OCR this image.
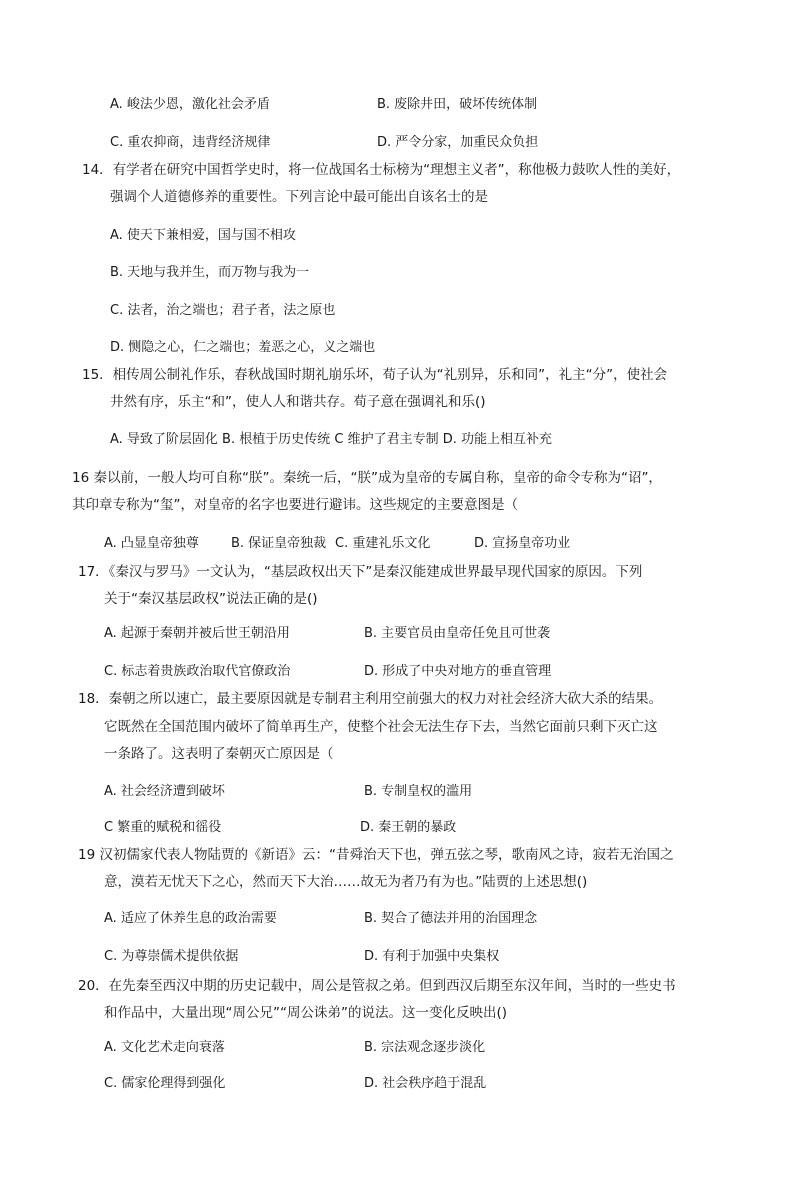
A. 峻法少恩，激化社会矛盾	B. 废除井田，破坏传统体制
C. 重农抑商，违背经济规律	D. 严令分家，加重民众负担
14．有学者在研究中国哲学史时，将一位战国名士标榜为“理想主义者”，称他极力鼓吹人性的美好，
强调个人道德修养的重要性。下列言论中最可能出自该名士的是
A. 使天下兼相爱，国与国不相攻
B. 天地与我并生，而万物与我为一
C. 法者，治之端也；君子者，法之原也
D. 恻隐之心，仁之端也；羞恶之心，义之端也
15．相传周公制礼作乐，春秋战国时期礼崩乐坏，荀子认为“礼别异，乐和同”，礼主“分”，使社会
井然有序，乐主“和”，使人人和谐共存。荀子意在强调礼和乐()
A. 导致了阶层固化 B. 根植于历史传统 C 维护了君主专制 D. 功能上相互补充
16 秦以前，一般人均可自称“朕”。秦统一后，“朕”成为皇帝的专属自称，皇帝的命令专称为“诏”，
其印章专称为“玺”，对皇帝的名字也要进行避讳。这些规定的主要意图是（
A. 凸显皇帝独尊 B. 保证皇帝独裁 C. 重建礼乐文化	D. 宣扬皇帝功业
17．《秦汉与罗马》一文认为，“基层政权出天下”是秦汉能建成世界最早现代国家的原因。下列
关于“秦汉基层政权”说法正确的是()
A. 起源于秦朝并被后世王朝沿用	B. 主要官员由皇帝任免且可世袭
C. 标志着贵族政治取代官僚政治	D. 形成了中央对地方的垂直管理
18．秦朝之所以速亡，最主要原因就是专制君主利用空前强大的权力对社会经济大砍大杀的结果。
它既然在全国范围内破坏了简单再生产，使整个社会无法生存下去，当然它面前只剩下灭亡这
一条路了。这表明了秦朝灭亡原因是（
A. 社会经济遭到破坏	B. 专制皇权的滥用
C 繁重的赋税和徭役	D. 秦王朝的暴政
19 汉初儒家代表人物陆贾的《新语》云：“昔舜治天下也，弹五弦之琴，歌南风之诗，寂若无治国之
意，漠若无忧天下之心，然而天下大治……故无为者乃有为也。”陆贾的上述思想()
A. 适应了休养生息的政治需要	B. 契合了德法并用的治国理念
C. 为尊崇儒术提供依据	D. 有利于加强中央集权
20．在先秦至西汉中期的历史记载中，周公是管叔之弟。但到西汉后期至东汉年间，当时的一些史书
和作品中，大量出现“周公兄”“周公诛弟”的说法。这一变化反映出()
A. 文化艺术走向衰落	B. 宗法观念逐步淡化
C. 儒家伦理得到强化	D. 社会秩序趋于混乱
